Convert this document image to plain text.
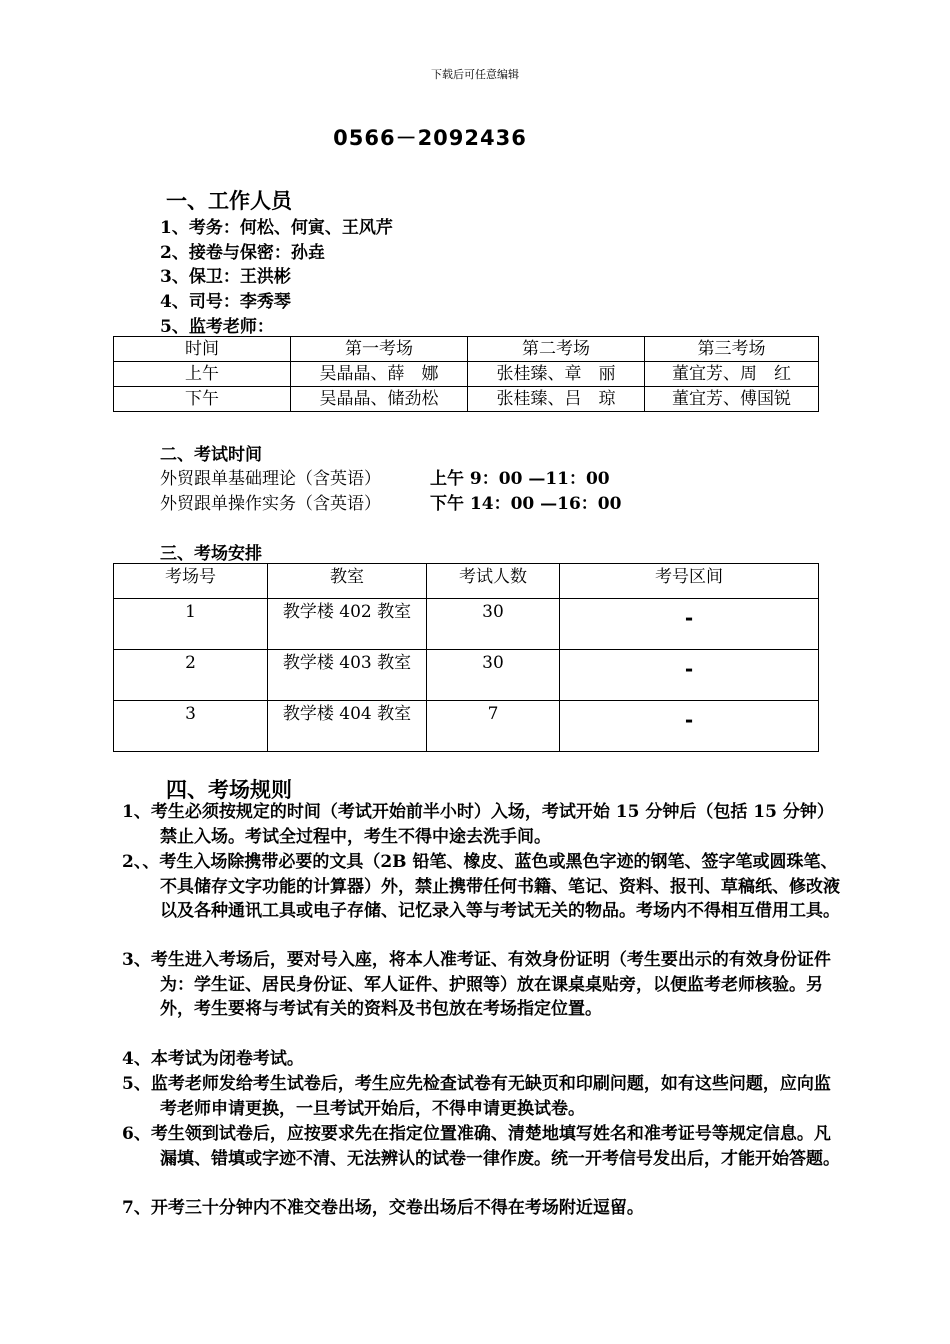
下载后可任意编辑
0566－2092436
一、工作人员
1、考务：何松、何寅、王风芹
2、接卷与保密：孙垚
3、保卫：王洪彬
4、司号：李秀琴
5、监考老师：
时间	第一考场	第二考场	第三考场
上午	吴晶晶、薛　娜	张桂臻、章　丽	董宜芳、周　红
下午	吴晶晶、储劲松	张桂臻、吕　琼	董宜芳、傅国锐
二、考试时间
外贸跟单基础理论（含英语）	上午 9：00 —11：00
外贸跟单操作实务（含英语）	下午 14：00 —16：00
三、考场安排
考场号	教室	考试人数	考号区间
1	教学楼 402 教室	30	-

2	教学楼 403 教室	30	-

3	教学楼 404 教室	7	-
四、考场规则
1、考生必须按规定的时间（考试开始前半小时）入场，考试开始 15 分钟后（包括 15 分钟）禁止入场。考试全过程中，考生不得中途去洗手间。
2、、考生入场除携带必要的文具（2B 铅笔、橡皮、蓝色或黑色字迹的钢笔、签字笔或圆珠笔、不具储存文字功能的计算器）外，禁止携带任何书籍、笔记、资料、报刊、草稿纸、修改液以及各种通讯工具或电子存储、记忆录入等与考试无关的物品。考场内不得相互借用工具。
3、考生进入考场后，要对号入座，将本人准考证、有效身份证明（考生要出示的有效身份证件为：学生证、居民身份证、军人证件、护照等）放在课桌桌贴旁，以便监考老师核验。另外，考生要将与考试有关的资料及书包放在考场指定位置。
4、本考试为闭卷考试。
5、监考老师发给考生试卷后，考生应先检查试卷有无缺页和印刷问题，如有这些问题，应向监考老师申请更换，一旦考试开始后，不得申请更换试卷。
6、考生领到试卷后，应按要求先在指定位置准确、清楚地填写姓名和准考证号等规定信息。凡漏填、错填或字迹不清、无法辨认的试卷一律作废。统一开考信号发出后，才能开始答题。
7、开考三十分钟内不准交卷出场，交卷出场后不得在考场附近逗留。
